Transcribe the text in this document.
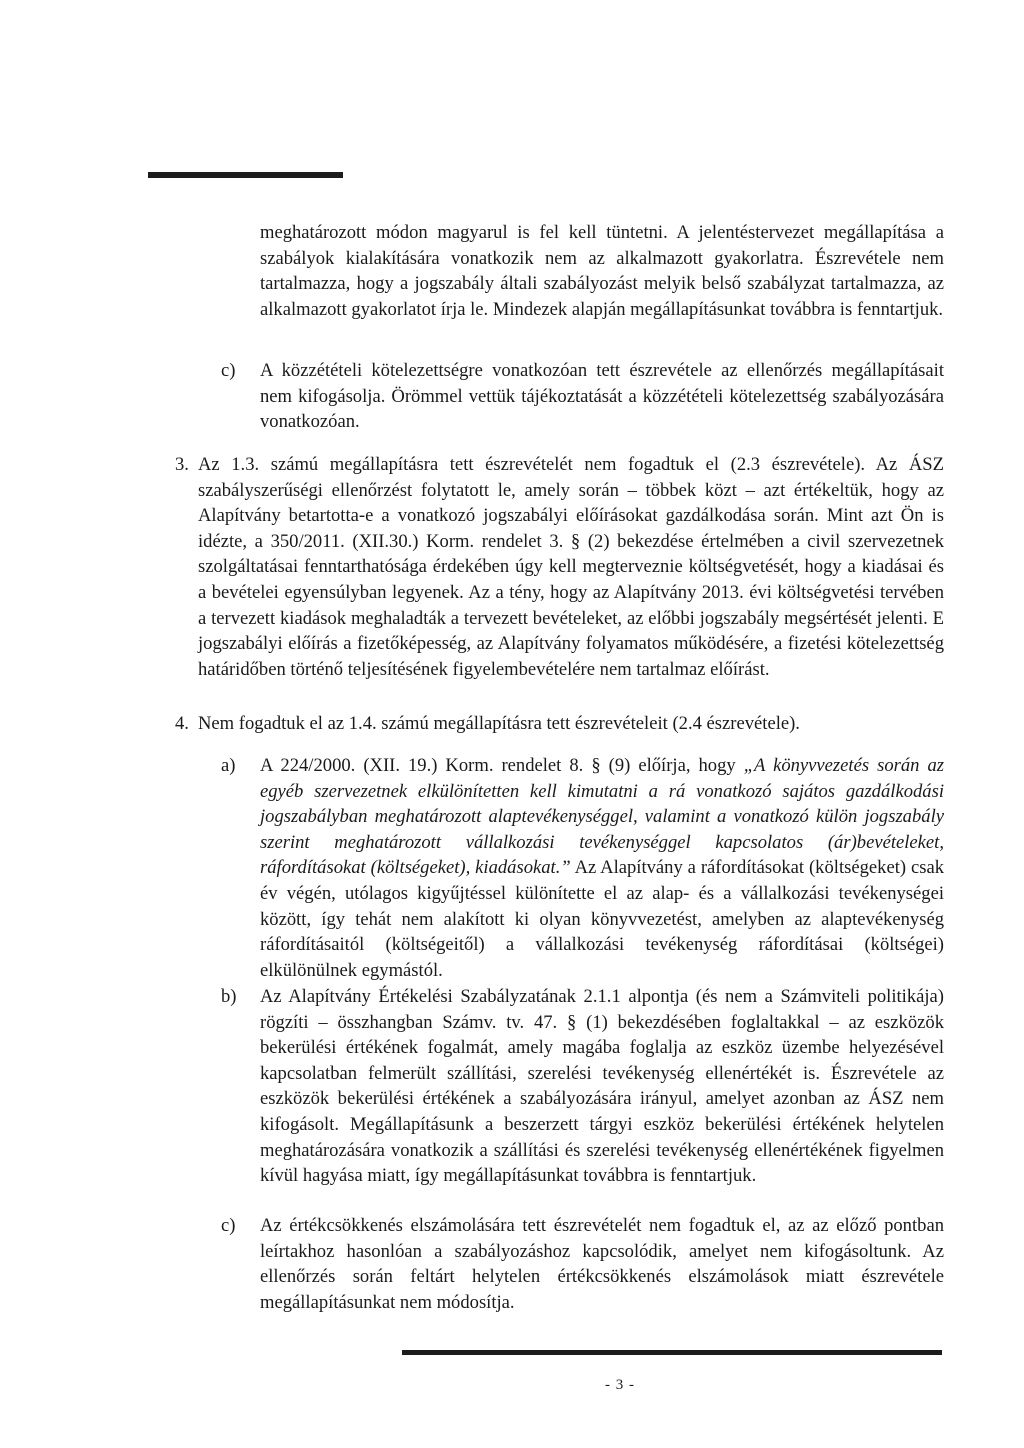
meghatározott módon magyarul is fel kell tüntetni. A jelentéstervezet megállapítása a szabályok kialakítására vonatkozik nem az alkalmazott gyakorlatra. Észrevétele nem tartalmazza, hogy a jogszabály általi szabályozást melyik belső szabályzat tartalmazza, az alkalmazott gyakorlatot írja le. Mindezek alapján megállapításunkat továbbra is fenntartjuk.

c) A közzétételi kötelezettségre vonatkozóan tett észrevétele az ellenőrzés megállapításait nem kifogásolja. Örömmel vettük tájékoztatását a közzétételi kötelezettség szabályozására vonatkozóan.

3. Az 1.3. számú megállapításra tett észrevételét nem fogadtuk el (2.3 észrevétele). Az ÁSZ szabályszerűségi ellenőrzést folytatott le, amely során – többek közt – azt értékeltük, hogy az Alapítvány betartotta-e a vonatkozó jogszabályi előírásokat gazdálkodása során. Mint azt Ön is idézte, a 350/2011. (XII.30.) Korm. rendelet 3. § (2) bekezdése értelmében a civil szervezetnek szolgáltatásai fenntarthatósága érdekében úgy kell megterveznie költségvetését, hogy a kiadásai és a bevételei egyensúlyban legyenek. Az a tény, hogy az Alapítvány 2013. évi költségvetési tervében a tervezett kiadások meghaladták a tervezett bevételeket, az előbbi jogszabály megsértését jelenti. E jogszabályi előírás a fizetőképesség, az Alapítvány folyamatos működésére, a fizetési kötelezettség határidőben történő teljesítésének figyelembevételére nem tartalmaz előírást.

4. Nem fogadtuk el az 1.4. számú megállapításra tett észrevételeit (2.4 észrevétele).

a) A 224/2000. (XII. 19.) Korm. rendelet 8. § (9) előírja, hogy „A könyvvezetés során az egyéb szervezetnek elkülönítetten kell kimutatni a rá vonatkozó sajátos gazdálkodási jogszabályban meghatározott alaptevékenységgel, valamint a vonatkozó külön jogszabály szerint meghatározott vállalkozási tevékenységgel kapcsolatos (ár)bevételeket, ráfordításokat (költségeket), kiadásokat.” Az Alapítvány a ráfordításokat (költségeket) csak év végén, utólagos kigyűjtéssel különítette el az alap- és a vállalkozási tevékenységei között, így tehát nem alakított ki olyan könyvvezetést, amelyben az alaptevékenység ráfordításaitól (költségeitől) a vállalkozási tevékenység ráfordításai (költségei) elkülönülnek egymástól.

b) Az Alapítvány Értékelési Szabályzatának 2.1.1 alpontja (és nem a Számviteli politikája) rögzíti – összhangban Számv. tv. 47. § (1) bekezdésében foglaltakkal – az eszközök bekerülési értékének fogalmát, amely magába foglalja az eszköz üzembe helyezésével kapcsolatban felmerült szállítási, szerelési tevékenység ellenértékét is. Észrevétele az eszközök bekerülési értékének a szabályozására irányul, amelyet azonban az ÁSZ nem kifogásolt. Megállapításunk a beszerzett tárgyi eszköz bekerülési értékének helytelen meghatározására vonatkozik a szállítási és szerelési tevékenység ellenértékének figyelmen kívül hagyása miatt, így megállapításunkat továbbra is fenntartjuk.

c) Az értékcsökkenés elszámolására tett észrevételét nem fogadtuk el, az az előző pontban leírtakhoz hasonlóan a szabályozáshoz kapcsolódik, amelyet nem kifogásoltunk. Az ellenőrzés során feltárt helytelen értékcsökkenés elszámolások miatt észrevétele megállapításunkat nem módosítja.

- 3 -
